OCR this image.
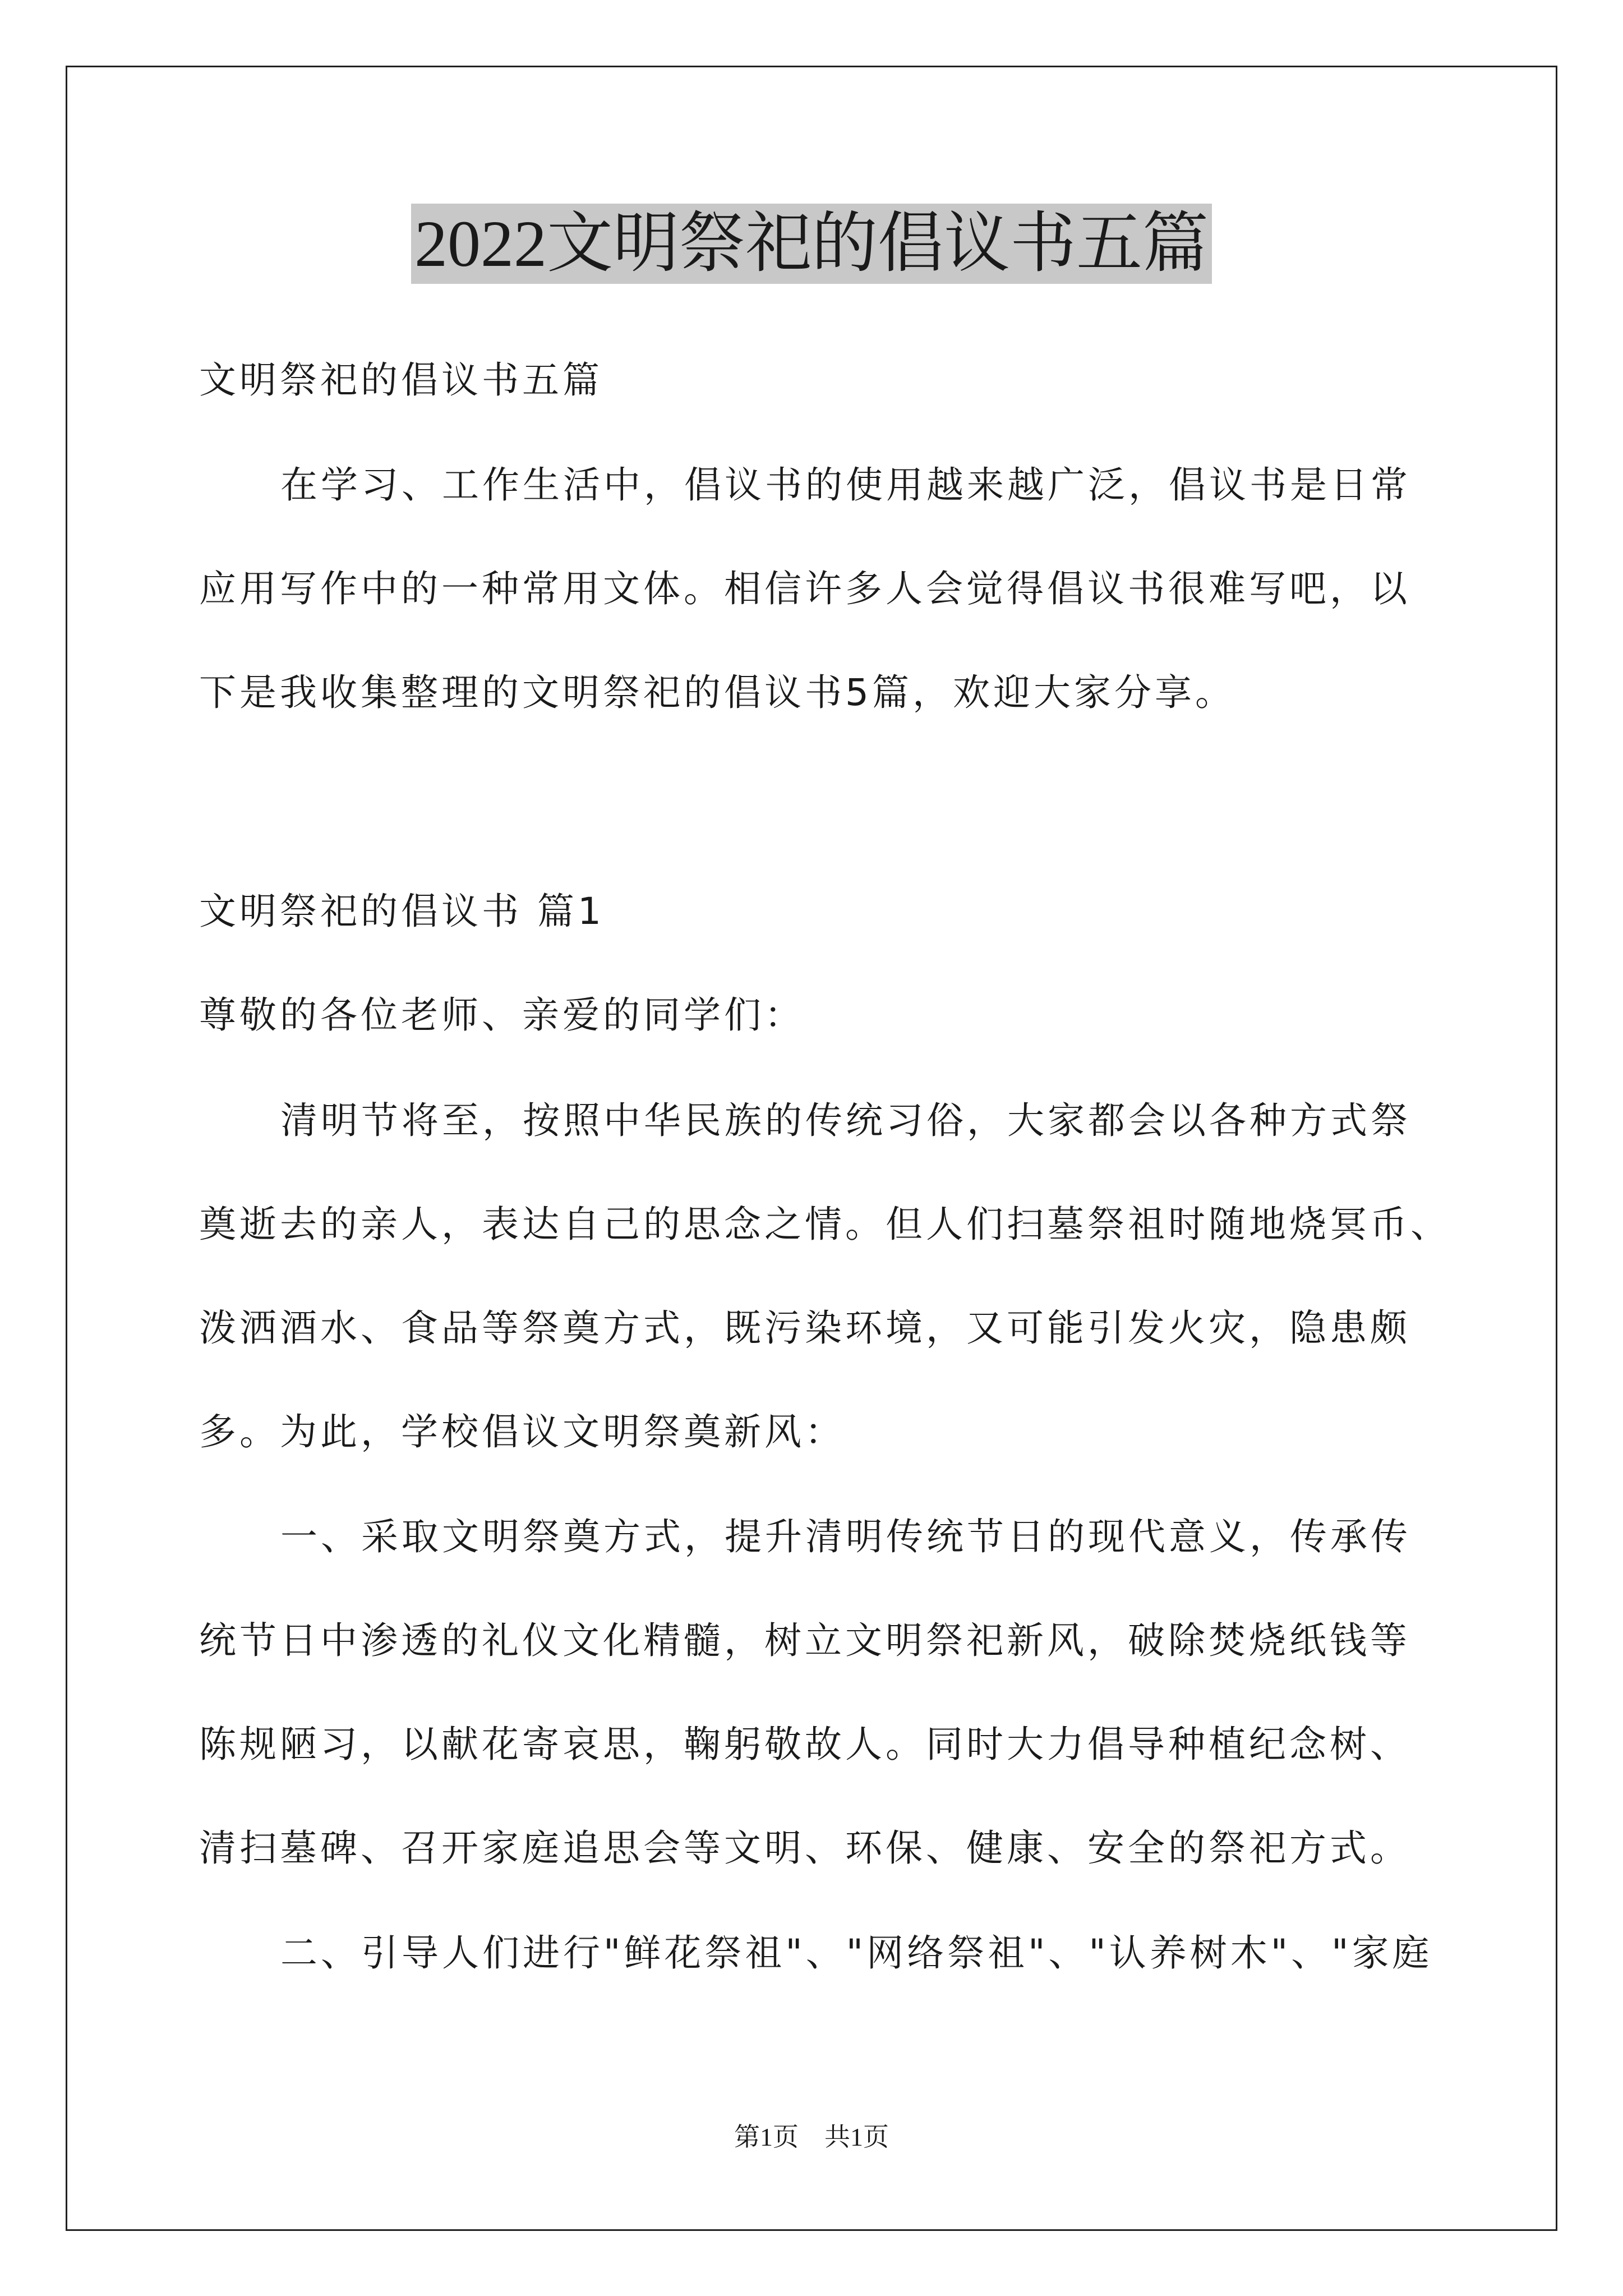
2022文明祭祀的倡议书五篇
文明祭祀的倡议书五篇
在学习、工作生活中，倡议书的使用越来越广泛，倡议书是日常
应用写作中的一种常用文体。相信许多人会觉得倡议书很难写吧，以
下是我收集整理的文明祭祀的倡议书5篇，欢迎大家分享。
文明祭祀的倡议书 篇1
尊敬的各位老师、亲爱的同学们：
清明节将至，按照中华民族的传统习俗，大家都会以各种方式祭
奠逝去的亲人，表达自己的思念之情。但人们扫墓祭祖时随地烧冥币、
泼洒酒水、食品等祭奠方式，既污染环境，又可能引发火灾，隐患颇
多。为此，学校倡议文明祭奠新风：
一、采取文明祭奠方式，提升清明传统节日的现代意义，传承传
统节日中渗透的礼仪文化精髓，树立文明祭祀新风，破除焚烧纸钱等
陈规陋习，以献花寄哀思，鞠躬敬故人。同时大力倡导种植纪念树、
清扫墓碑、召开家庭追思会等文明、环保、健康、安全的祭祀方式。
二、引导人们进行"鲜花祭祖"、"网络祭祖"、"认养树木"、"家庭
第1页　共1页
